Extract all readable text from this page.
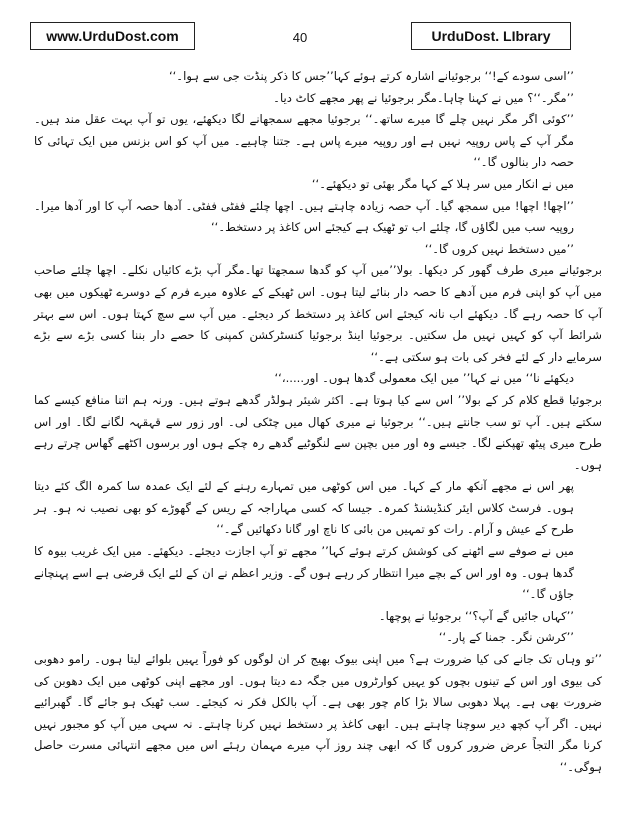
www.UrduDost.com	40	UrduDost. LIbrary

’’اسی سودے کے!‘‘ برجوئیانے اشارہ کرتے ہوئے کہا’’جس کا ذکر پنڈت جی سے ہوا۔‘‘

’’مگر۔‘‘؟ میں نے کہنا چاہا۔مگر برجوئیا نے پھر مجھے کاٹ دیا۔

’’کوئی اگر مگر نہیں چلے گا میرے ساتھ۔‘‘ برجوئیا مجھے سمجھانے لگا دیکھئے، یوں تو آپ بہت عقل مند ہیں۔مگر آپ کے پاس روپیہ نہیں ہے اور روپیہ میرے پاس ہے۔ جتنا چاہیے۔ میں آپ کو اس بزنس میں ایک تہائی کا حصہ دار بنالوں گا۔‘‘

میں نے انکار میں سر ہلا کے کہا مگر بھئی تو دیکھئے۔‘‘

’’اچھا! اچھا! میں سمجھ گیا۔ آپ حصہ زیادہ چاہتے ہیں۔ اچھا چلئے ففٹی ففٹی۔ آدھا حصہ آپ کا اور آدھا میرا۔ روپیہ سب میں لگاؤں گا، چلئے اب تو ٹھیک ہے کیجئے اس کاغذ پر دستخط۔‘‘

’’میں دستخط نہیں کروں گا۔‘‘

برجوئیانے میری طرف گھور کر دیکھا۔ بولا’’میں آپ کو گدھا سمجھتا تھا۔مگر آپ بڑے کائیاں نکلے۔ اچھا چلئے صاحب میں آپ کو اپنی فرم میں آدھے کا حصہ دار بنائے لیتا ہوں۔ اس ٹھیکے کے علاوہ میرے فرم کے دوسرے ٹھیکوں میں بھی آپ کا حصہ رہے گا۔ دیکھئے اب نانہ کیجئے اس کاغذ پر دستخط کر دیجئے۔ میں آپ سے سچ کہتا ہوں۔ اس سے بہتر شرائط آپ کو کہیں نہیں مل سکتیں۔ برجوئیا اینڈ برجوئیا کنسٹرکشن کمپنی کا حصے دار بننا کسی بڑے سے بڑے سرمایے دار کے لئے فخر کی بات ہو سکتی ہے۔‘‘

دیکھئے نا‘‘ میں نے کہا’’ میں ایک معمولی گدھا ہوں۔ اور.....،‘‘

برجوئیا قطع کلام کر کے بولا’’ اس سے کیا ہوتا ہے۔ اکثر شیئر ہولڈر گدھے ہوتے ہیں۔ ورنہ ہم اتنا منافع کیسے کما سکتے ہیں۔ آپ تو سب جانتے ہیں۔‘‘ برجوئیا نے میری کھال میں چٹکی لی۔ اور زور سے قہقہہ لگانے لگا۔ اور اس طرح میری پیٹھ تھپکنے لگا۔ جیسے وہ اور میں بچپن سے لنگوٹیے گدھے رہ چکے ہوں اور برسوں اکٹھے گھاس چرتے رہے ہوں۔

پھر اس نے مجھے آنکھ مار کے کہا۔ میں اس کوٹھی میں تمہارے رہنے کے لئے ایک عمدہ سا کمرہ الگ کئے دیتا ہوں۔ فرسٹ کلاس ایئر کنڈیشنڈ کمرہ۔ جیسا کہ کسی مہاراجہ کے ریس کے گھوڑے کو بھی نصیب نہ ہو۔ ہر طرح کے عیش و آرام۔ رات کو تمہیں من بائی کا ناچ اور گانا دکھائیں گے۔‘‘

میں نے صوفے سے اٹھنے کی کوشش کرتے ہوئے کہا’’ مجھے تو آپ اجازت دیجئے۔ دیکھئے۔ میں ایک غریب بیوہ کا گدھا ہوں۔ وہ اور اس کے بچے میرا انتظار کر رہے ہوں گے۔ وزیر اعظم نے ان کے لئے ایک قرضی ہے اسے پہنچانے جاؤں گا۔‘‘

’’کہاں جائیں گے آپ؟‘‘ برجوئیا نے پوچھا۔

’’کرشن نگر۔ جمنا کے پار۔‘‘

’’تو وہاں تک جانے کی کیا ضرورت ہے؟ میں اپنی بیوک بھیج کر ان لوگوں کو فوراً یہیں بلوائے لیتا ہوں۔ رامو دھوبی کی بیوی اور اس کے تینوں بچوں کو یہیں کوارٹروں میں جگہ دے دیتا ہوں۔ اور مجھے اپنی کوٹھی میں ایک دھوبن کی ضرورت بھی ہے۔ پہلا دھوبی سالا بڑا کام چور بھی ہے۔ آپ بالکل فکر نہ کیجئے۔ سب ٹھیک ہو جائے گا۔ گھبرائیے نہیں۔ اگر آپ کچھ دیر سوچنا چاہتے ہیں۔ ابھی کاغذ پر دستخط نہیں کرنا چاہتے۔ نہ سہی میں آپ کو مجبور نہیں کرنا مگر التجاً عرض ضرور کروں گا کہ ابھی چند روز آپ میرے مہمان رہئے اس میں مجھے انتہائی مسرت حاصل ہوگی۔‘‘
